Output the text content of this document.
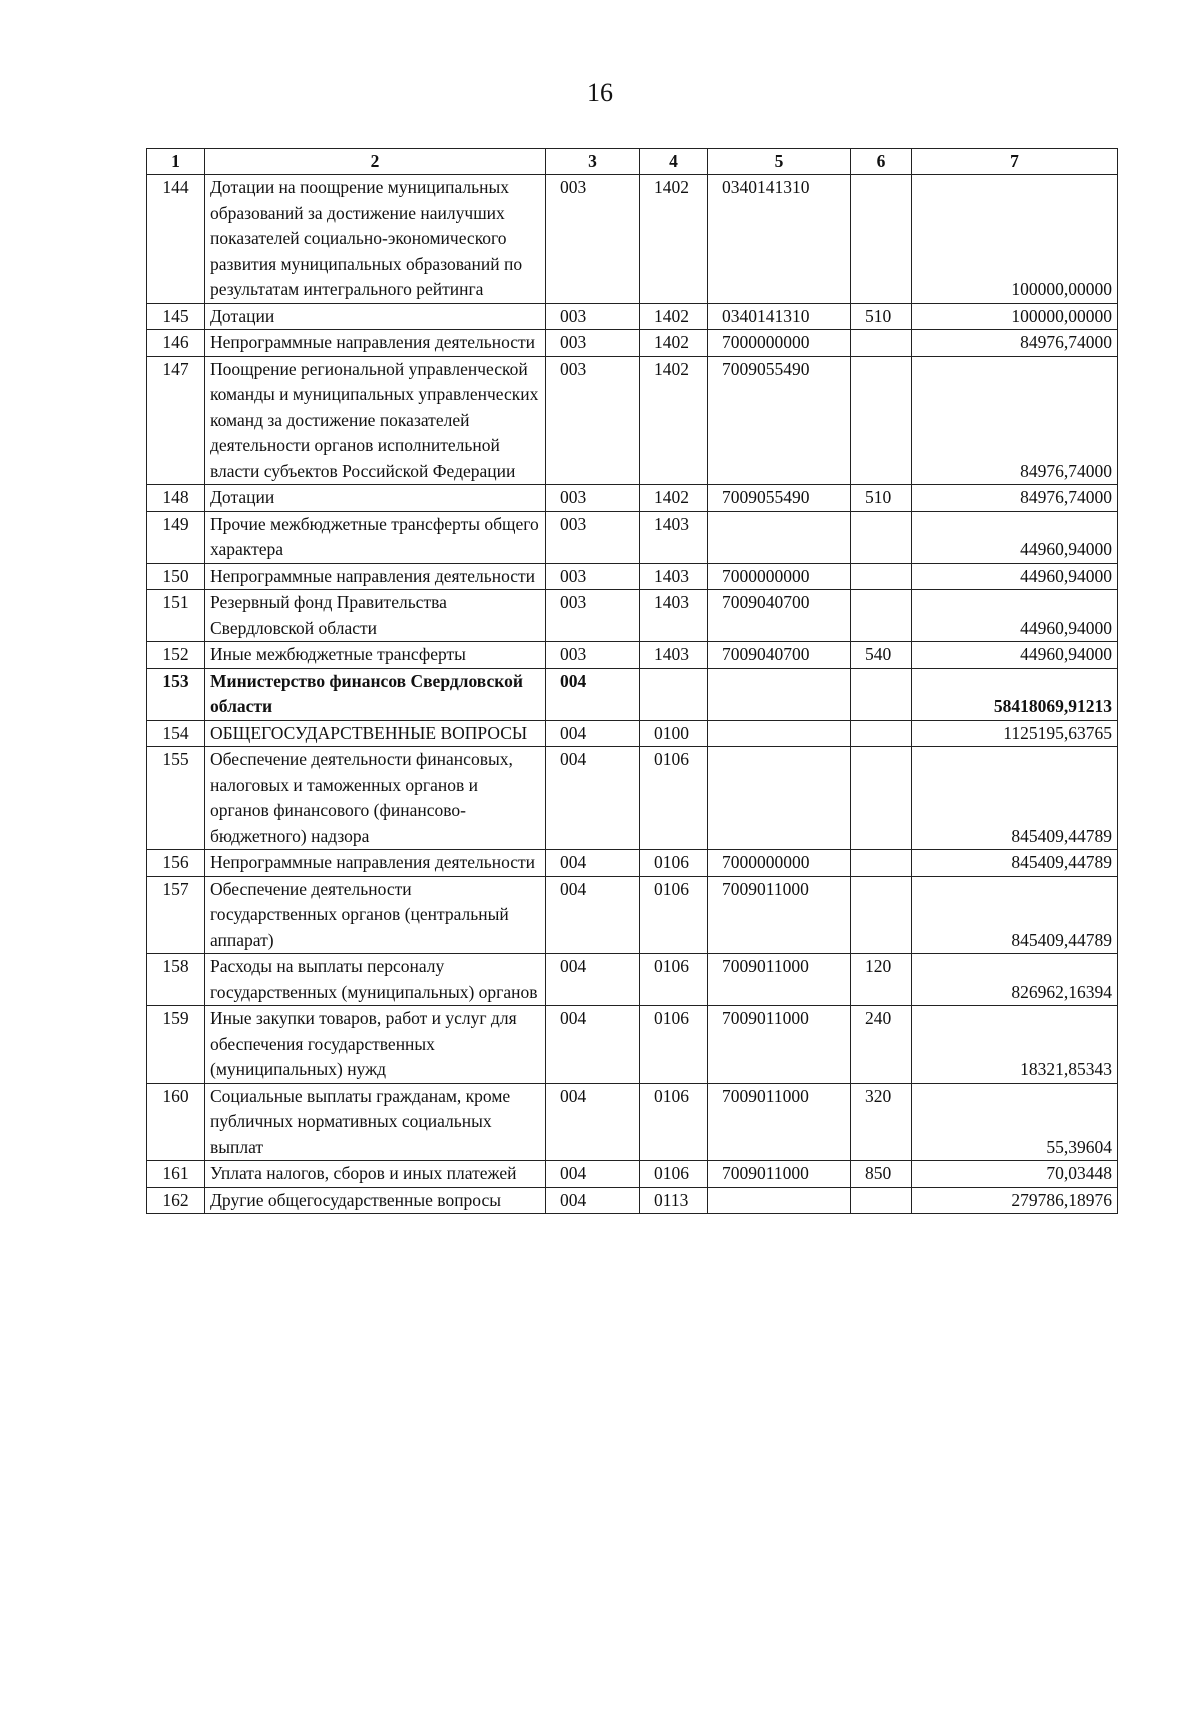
16
1	2	3	4	5	6	7
144	Дотации на поощрение муниципальных образований за достижение наилучших показателей социально-экономического развития муниципальных образований по результатам интегрального рейтинга	003	1402	0340141310		100000,00000
145	Дотации	003	1402	0340141310	510	100000,00000
146	Непрограммные направления деятельности	003	1402	7000000000		84976,74000
147	Поощрение региональной управленческой команды и муниципальных управленческих команд за достижение показателей деятельности органов исполнительной власти субъектов Российской Федерации	003	1402	7009055490		84976,74000
148	Дотации	003	1402	7009055490	510	84976,74000
149	Прочие межбюджетные трансферты общего характера	003	1403			44960,94000
150	Непрограммные направления деятельности	003	1403	7000000000		44960,94000
151	Резервный фонд Правительства Свердловской области	003	1403	7009040700		44960,94000
152	Иные межбюджетные трансферты	003	1403	7009040700	540	44960,94000
153	Министерство финансов Свердловской области	004				58418069,91213
154	ОБЩЕГОСУДАРСТВЕННЫЕ ВОПРОСЫ	004	0100			1125195,63765
155	Обеспечение деятельности финансовых, налоговых и таможенных органов и органов финансового (финансово-бюджетного) надзора	004	0106			845409,44789
156	Непрограммные направления деятельности	004	0106	7000000000		845409,44789
157	Обеспечение деятельности государственных органов (центральный аппарат)	004	0106	7009011000		845409,44789
158	Расходы на выплаты персоналу государственных (муниципальных) органов	004	0106	7009011000	120	826962,16394
159	Иные закупки товаров, работ и услуг для обеспечения государственных (муниципальных) нужд	004	0106	7009011000	240	18321,85343
160	Социальные выплаты гражданам, кроме публичных нормативных социальных выплат	004	0106	7009011000	320	55,39604
161	Уплата налогов, сборов и иных платежей	004	0106	7009011000	850	70,03448
162	Другие общегосударственные вопросы	004	0113			279786,18976
